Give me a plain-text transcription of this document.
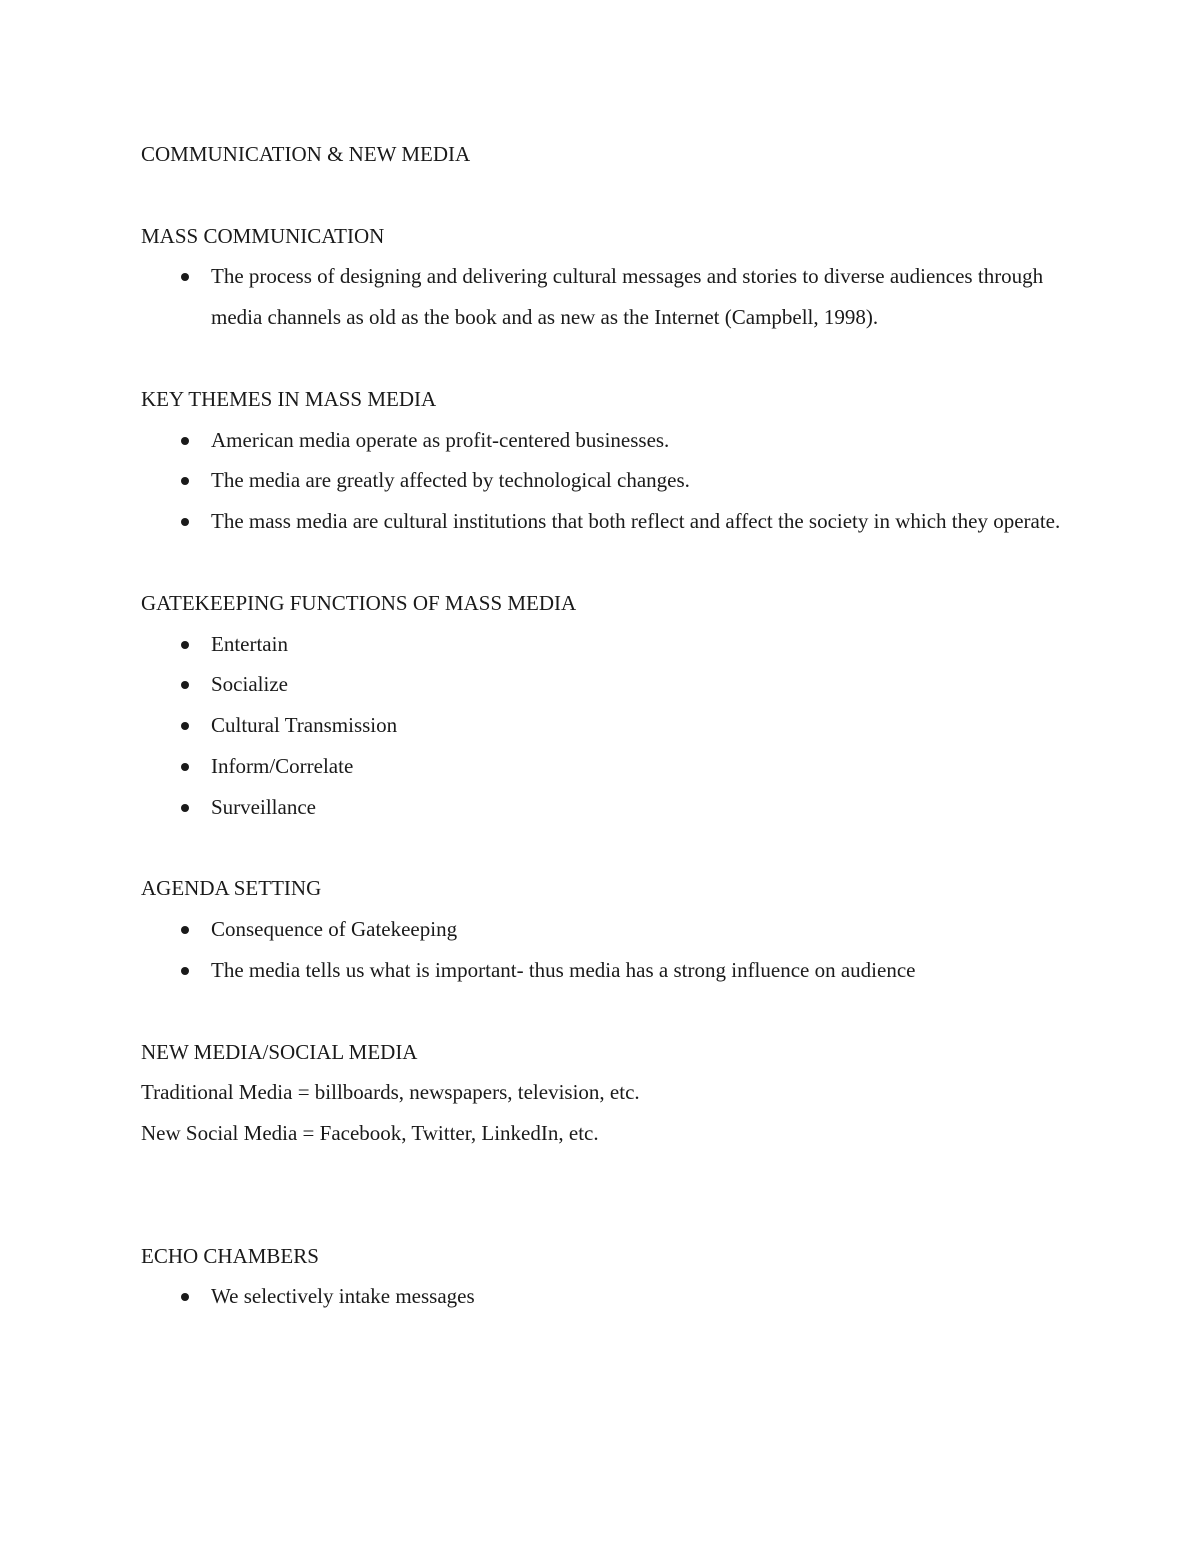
COMMUNICATION & NEW MEDIA

MASS COMMUNICATION

The process of designing and delivering cultural messages and stories to diverse audiences through media channels as old as the book and as new as the Internet (Campbell, 1998).

KEY THEMES IN MASS MEDIA

American media operate as profit-centered businesses.
The media are greatly affected by technological changes.
The mass media are cultural institutions that both reflect and affect the society in which they operate.

GATEKEEPING FUNCTIONS OF MASS MEDIA

Entertain
Socialize
Cultural Transmission
Inform/Correlate
Surveillance

AGENDA SETTING

Consequence of Gatekeeping
The media tells us what is important- thus media has a strong influence on audience

NEW MEDIA/SOCIAL MEDIA

Traditional Media = billboards, newspapers, television, etc.
New Social Media = Facebook, Twitter, LinkedIn, etc.

ECHO CHAMBERS

We selectively intake messages
